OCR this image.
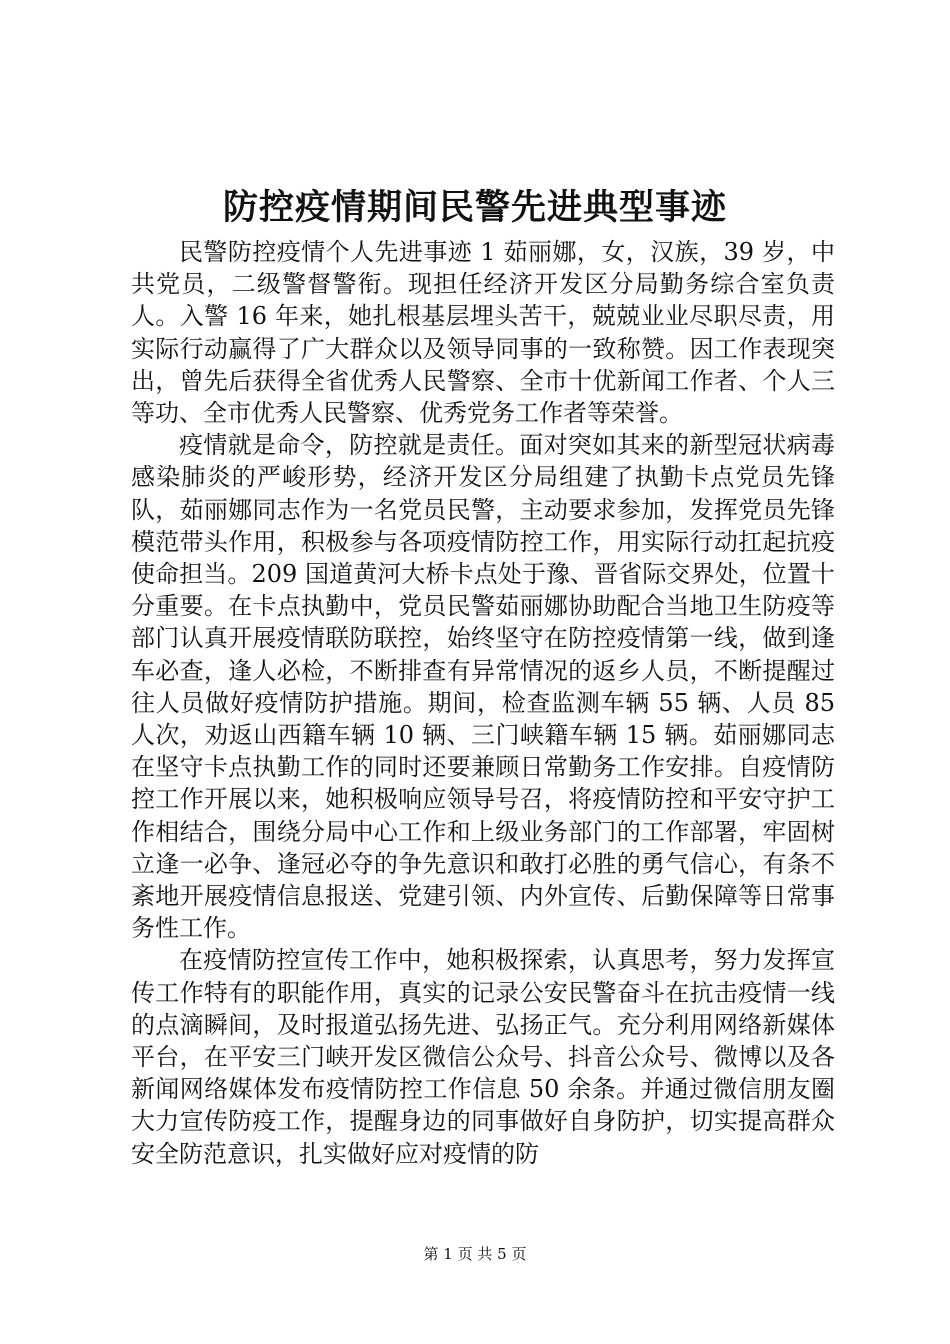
防控疫情期间民警先进典型事迹

民警防控疫情个人先进事迹 1 茹丽娜，女，汉族，39 岁，中共党员，二级警督警衔。现担任经济开发区分局勤务综合室负责人。入警 16 年来，她扎根基层埋头苦干，兢兢业业尽职尽责，用实际行动赢得了广大群众以及领导同事的一致称赞。因工作表现突出，曾先后获得全省优秀人民警察、全市十优新闻工作者、个人三等功、全市优秀人民警察、优秀党务工作者等荣誉。

疫情就是命令，防控就是责任。面对突如其来的新型冠状病毒感染肺炎的严峻形势，经济开发区分局组建了执勤卡点党员先锋队，茹丽娜同志作为一名党员民警，主动要求参加，发挥党员先锋模范带头作用，积极参与各项疫情防控工作，用实际行动扛起抗疫使命担当。209 国道黄河大桥卡点处于豫、晋省际交界处，位置十分重要。在卡点执勤中，党员民警茹丽娜协助配合当地卫生防疫等部门认真开展疫情联防联控，始终坚守在防控疫情第一线，做到逢车必查，逢人必检，不断排查有异常情况的返乡人员，不断提醒过往人员做好疫情防护措施。期间，检查监测车辆 55 辆、人员 85 人次，劝返山西籍车辆 10 辆、三门峡籍车辆 15 辆。茹丽娜同志在坚守卡点执勤工作的同时还要兼顾日常勤务工作安排。自疫情防控工作开展以来，她积极响应领导号召，将疫情防控和平安守护工作相结合，围绕分局中心工作和上级业务部门的工作部署，牢固树立逢一必争、逢冠必夺的争先意识和敢打必胜的勇气信心，有条不紊地开展疫情信息报送、党建引领、内外宣传、后勤保障等日常事务性工作。

在疫情防控宣传工作中，她积极探索，认真思考，努力发挥宣传工作特有的职能作用，真实的记录公安民警奋斗在抗击疫情一线的点滴瞬间，及时报道弘扬先进、弘扬正气。充分利用网络新媒体平台，在平安三门峡开发区微信公众号、抖音公众号、微博以及各新闻网络媒体发布疫情防控工作信息 50 余条。并通过微信朋友圈大力宣传防疫工作，提醒身边的同事做好自身防护，切实提高群众安全防范意识，扎实做好应对疫情的防

第 1 页 共 5 页
